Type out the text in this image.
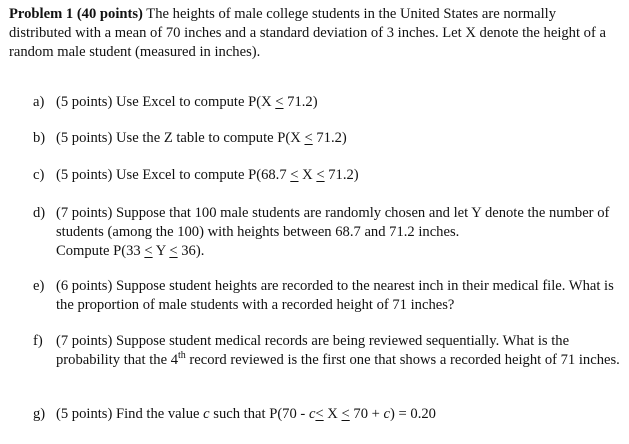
Problem 1 (40 points) The heights of male college students in the United States are normally distributed with a mean of 70 inches and a standard deviation of 3 inches. Let X denote the height of a random male student (measured in inches).

a) (5 points) Use Excel to compute P(X ≤ 71.2)
b) (5 points) Use the Z table to compute P(X ≤ 71.2)
c) (5 points) Use Excel to compute P(68.7 ≤ X ≤ 71.2)
d) (7 points) Suppose that 100 male students are randomly chosen and let Y denote the number of students (among the 100) with heights between 68.7 and 71.2 inches.
Compute P(33 ≤ Y ≤ 36).
e) (6 points) Suppose student heights are recorded to the nearest inch in their medical file. What is the proportion of male students with a recorded height of 71 inches?
f) (7 points) Suppose student medical records are being reviewed sequentially. What is the probability that the 4th record reviewed is the first one that shows a recorded height of 71 inches.
g) (5 points) Find the value c such that P(70 - c≤ X ≤ 70 + c) = 0.20
